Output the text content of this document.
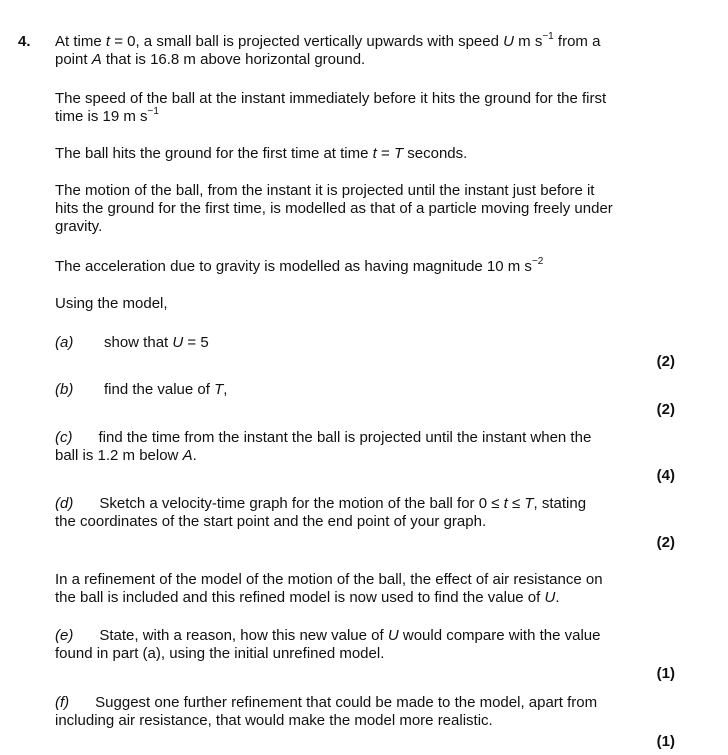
4. At time t = 0, a small ball is projected vertically upwards with speed U m $s^{-1}$ from a
point A that is 16.8 m above horizontal ground.
The speed of the ball at the instant immediately before it hits the ground for the first
time is 19 m $s^{-1}$
The ball hits the ground for the first time at time t = T seconds.
The motion of the ball, from the instant it is projected until the instant just before it
hits the ground for the first time, is modelled as that of a particle moving freely under
gravity.
The acceleration due to gravity is modelled as having magnitude 10 m $s^{-2}$
Using the model,
(a) show that U = 5
(2)
(b) find the value of T,
(2)
(c) find the time from the instant the ball is projected until the instant when the
ball is 1.2 m below A.
(4)
(d) Sketch a velocity-time graph for the motion of the ball for 0 ≤ t ≤ T, stating
the coordinates of the start point and the end point of your graph.
(2)
In a refinement of the model of the motion of the ball, the effect of air resistance on
the ball is included and this refined model is now used to find the value of U.
(e) State, with a reason, how this new value of U would compare with the value
found in part (a), using the initial unrefined model.
(1)
(f) Suggest one further refinement that could be made to the model, apart from
including air resistance, that would make the model more realistic.
(1)
